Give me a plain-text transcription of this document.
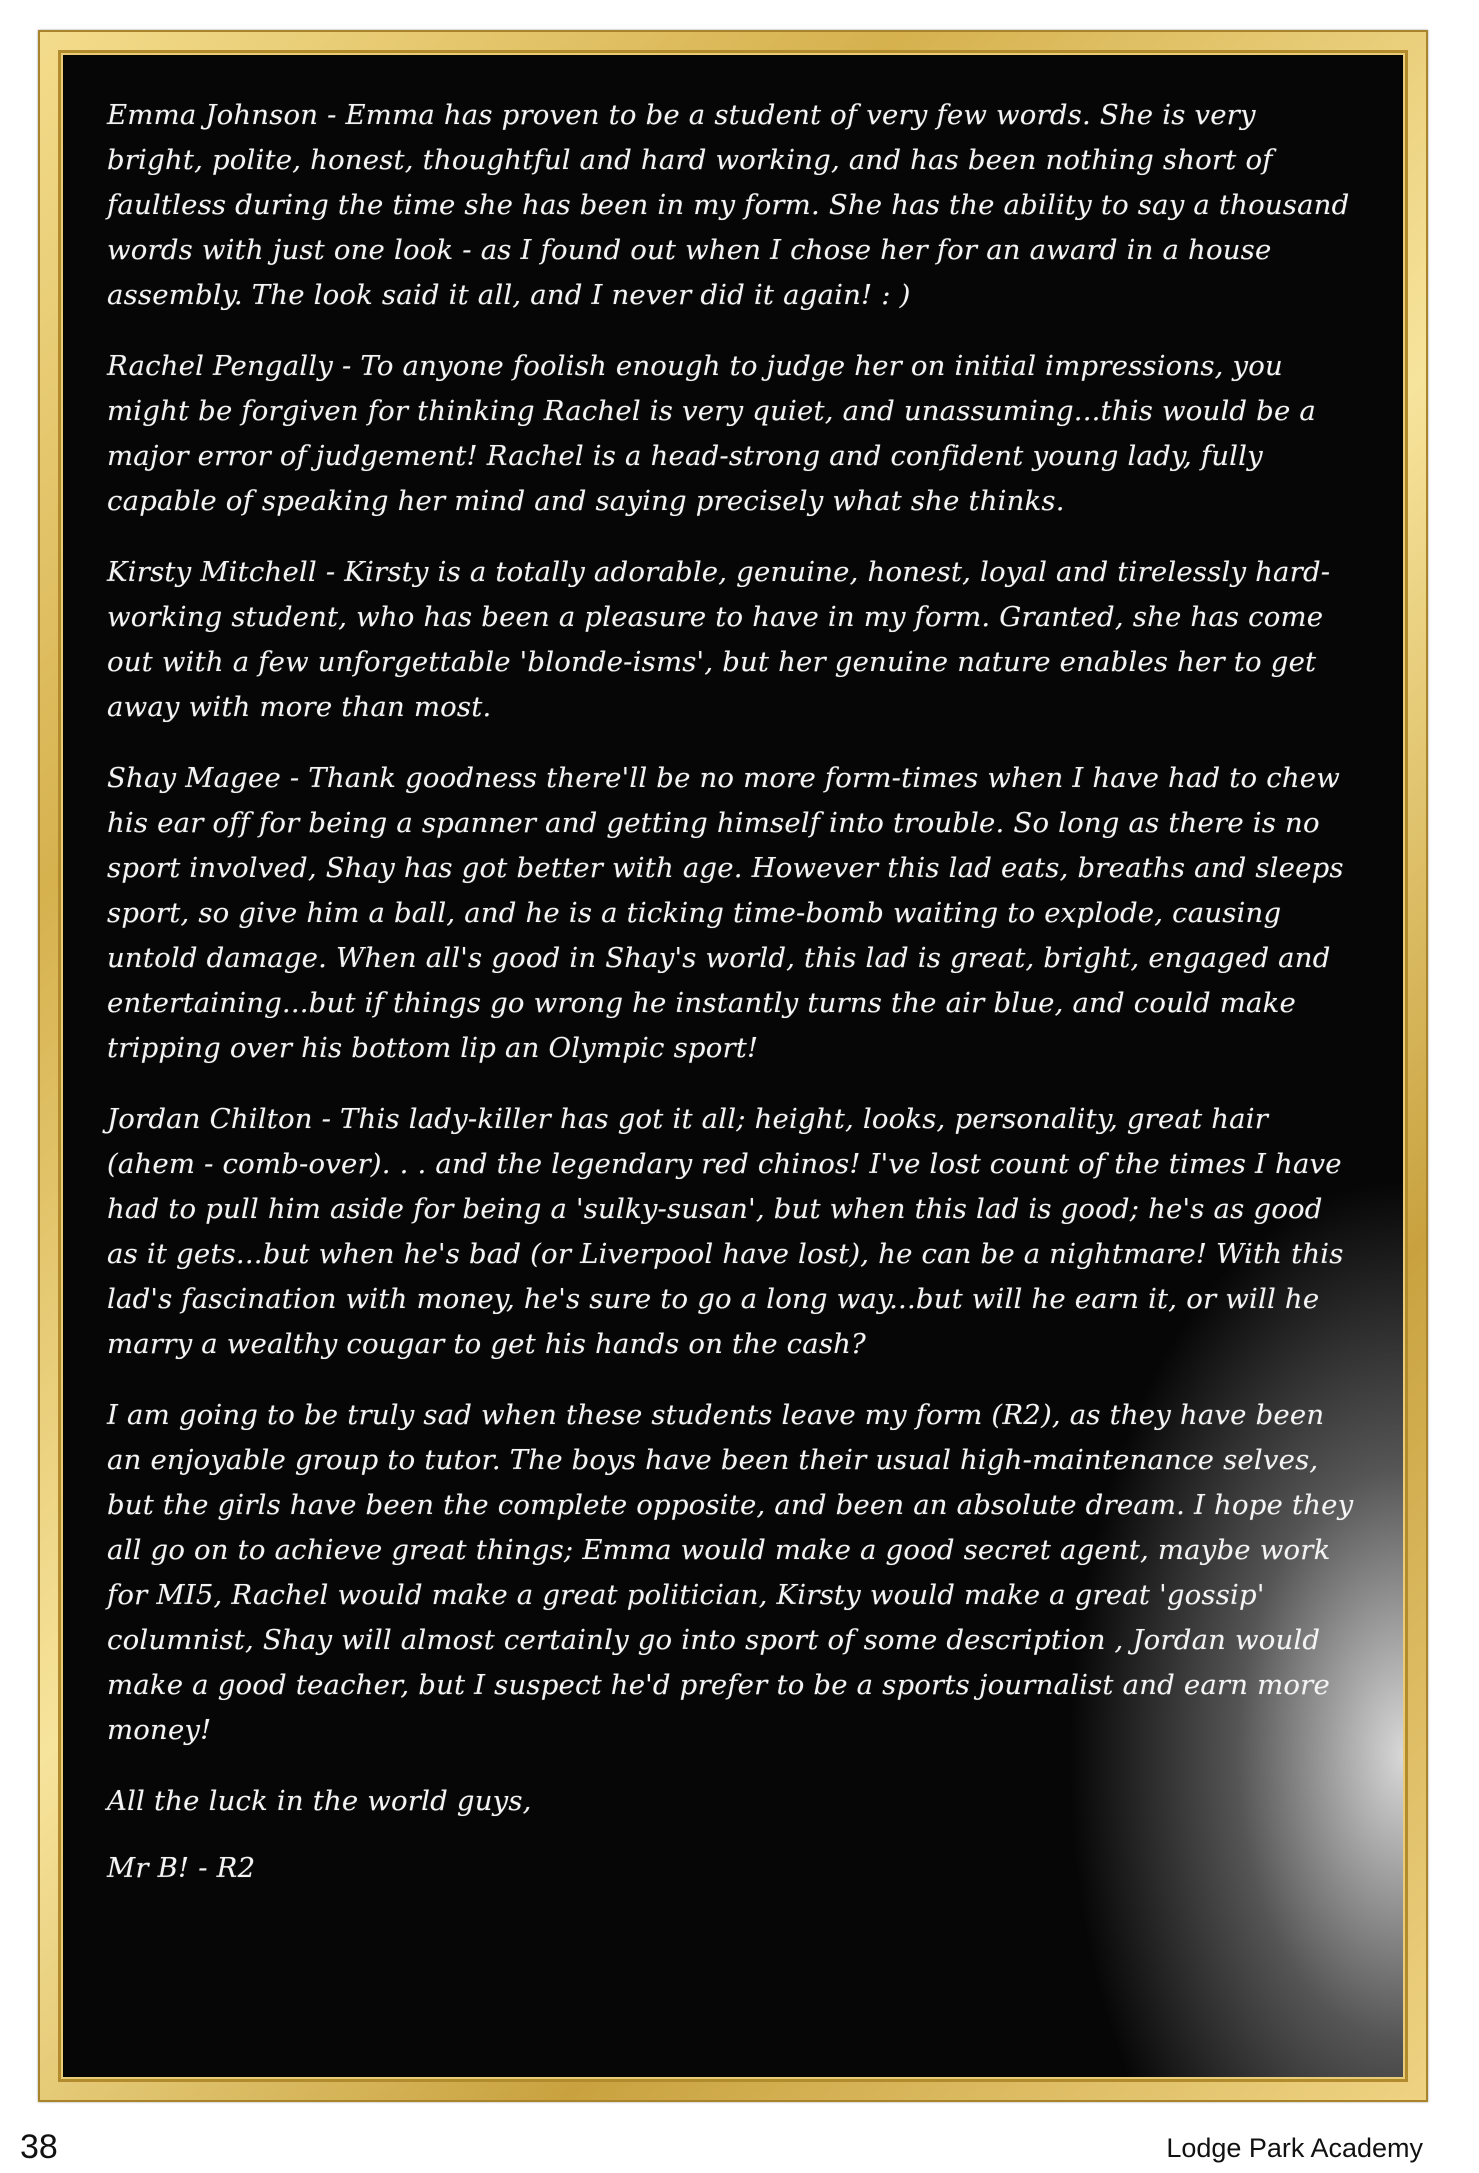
Emma Johnson - Emma has proven to be a student of very few words. She is very bright, polite, honest, thoughtful and hard working, and has been nothing short of faultless during the time she has been in my form. She has the ability to say a thousand words with just one look - as I found out when I chose her for an award in a house assembly. The look said it all, and I never did it again! : )

Rachel Pengally - To anyone foolish enough to judge her on initial impressions, you might be forgiven for thinking Rachel is very quiet, and unassuming...this would be a major error of judgement! Rachel is a head-strong and confident young lady, fully capable of speaking her mind and saying precisely what she thinks.

Kirsty Mitchell - Kirsty is a totally adorable, genuine, honest, loyal and tirelessly hard-working student, who has been a pleasure to have in my form. Granted, she has come out with a few unforgettable 'blonde-isms', but her genuine nature enables her to get away with more than most.

Shay Magee - Thank goodness there'll be no more form-times when I have had to chew his ear off for being a spanner and getting himself into trouble. So long as there is no sport involved, Shay has got better with age. However this lad eats, breaths and sleeps sport, so give him a ball, and he is a ticking time-bomb waiting to explode, causing untold damage. When all's good in Shay's world, this lad is great, bright, engaged and entertaining...but if things go wrong he instantly turns the air blue, and could make tripping over his bottom lip an Olympic sport!

Jordan Chilton - This lady-killer has got it all; height, looks, personality, great hair (ahem - comb-over). . . and the legendary red chinos! I've lost count of the times I have had to pull him aside for being a 'sulky-susan', but when this lad is good; he's as good as it gets...but when he's bad (or Liverpool have lost), he can be a nightmare! With this lad's fascination with money, he's sure to go a long way...but will he earn it, or will he marry a wealthy cougar to get his hands on the cash?

I am going to be truly sad when these students leave my form (R2), as they have been an enjoyable group to tutor. The boys have been their usual high-maintenance selves, but the girls have been the complete opposite, and been an absolute dream. I hope they all go on to achieve great things; Emma would make a good secret agent, maybe work for MI5, Rachel would make a great politician, Kirsty would make a great 'gossip' columnist, Shay will almost certainly go into sport of some description , Jordan would make a good teacher, but I suspect he'd prefer to be a sports journalist and earn more money!

All the luck in the world guys,

Mr B! - R2

38	Lodge Park Academy
